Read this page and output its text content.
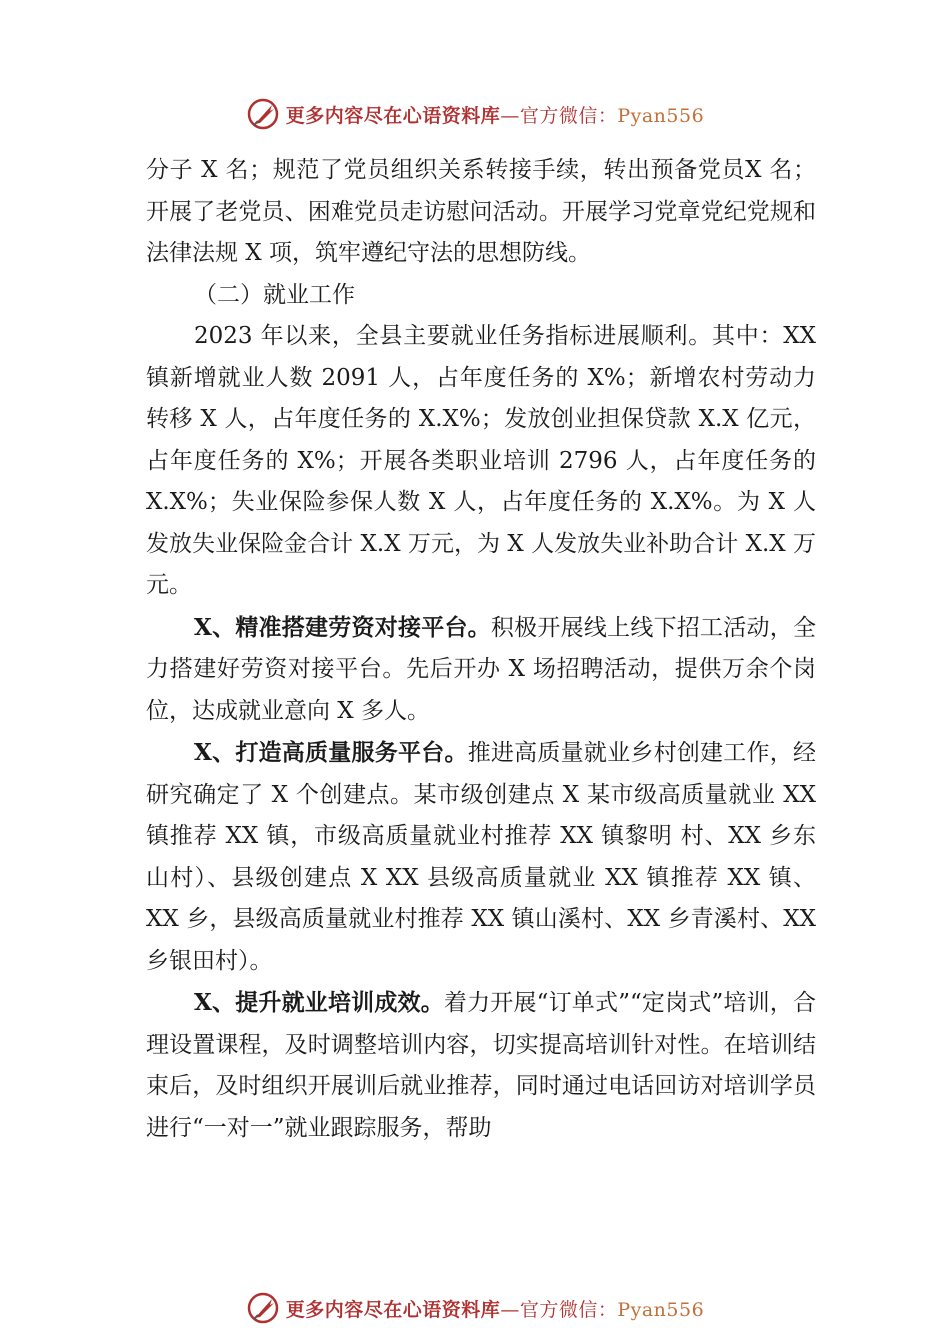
更多内容尽在心语资料库—官方微信：Pyan556

分子 X 名；规范了党员组织关系转接手续，转出预备党员X 名；开展了老党员、困难党员走访慰问活动。开展学习党章党纪党规和法律法规 X 项，筑牢遵纪守法的思想防线。

（二）就业工作

2023 年以来，全县主要就业任务指标进展顺利。其中：XX 镇新增就业人数 2091 人，占年度任务的 X%；新增农村劳动力转移 X 人，占年度任务的 X.X%；发放创业担保贷款 X.X 亿元，占年度任务的 X%；开展各类职业培训 2796 人，占年度任务的 X.X%；失业保险参保人数 X 人，占年度任务的 X.X%。为 X 人发放失业保险金合计 X.X 万元，为 X 人发放失业补助合计 X.X 万元。

X、精准搭建劳资对接平台。积极开展线上线下招工活动，全力搭建好劳资对接平台。先后开办 X 场招聘活动，提供万余个岗位，达成就业意向 X 多人。

X、打造高质量服务平台。推进高质量就业乡村创建工作，经研究确定了 X 个创建点。某市级创建点 X 某市级高质量就业 XX 镇推荐 XX 镇，市级高质量就业村推荐 XX 镇黎明 村、XX 乡东山村）、县级创建点 X XX 县级高质量就业 XX 镇推荐 XX 镇、XX 乡，县级高质量就业村推荐 XX 镇山溪村、XX 乡青溪村、XX 乡银田村）。

X、提升就业培训成效。着力开展“订单式”“定岗式”培训，合理设置课程，及时调整培训内容，切实提高培训针对性。在培训结束后，及时组织开展训后就业推荐，同时通过电话回访对培训学员进行“一对一”就业跟踪服务，帮助

更多内容尽在心语资料库—官方微信：Pyan556
